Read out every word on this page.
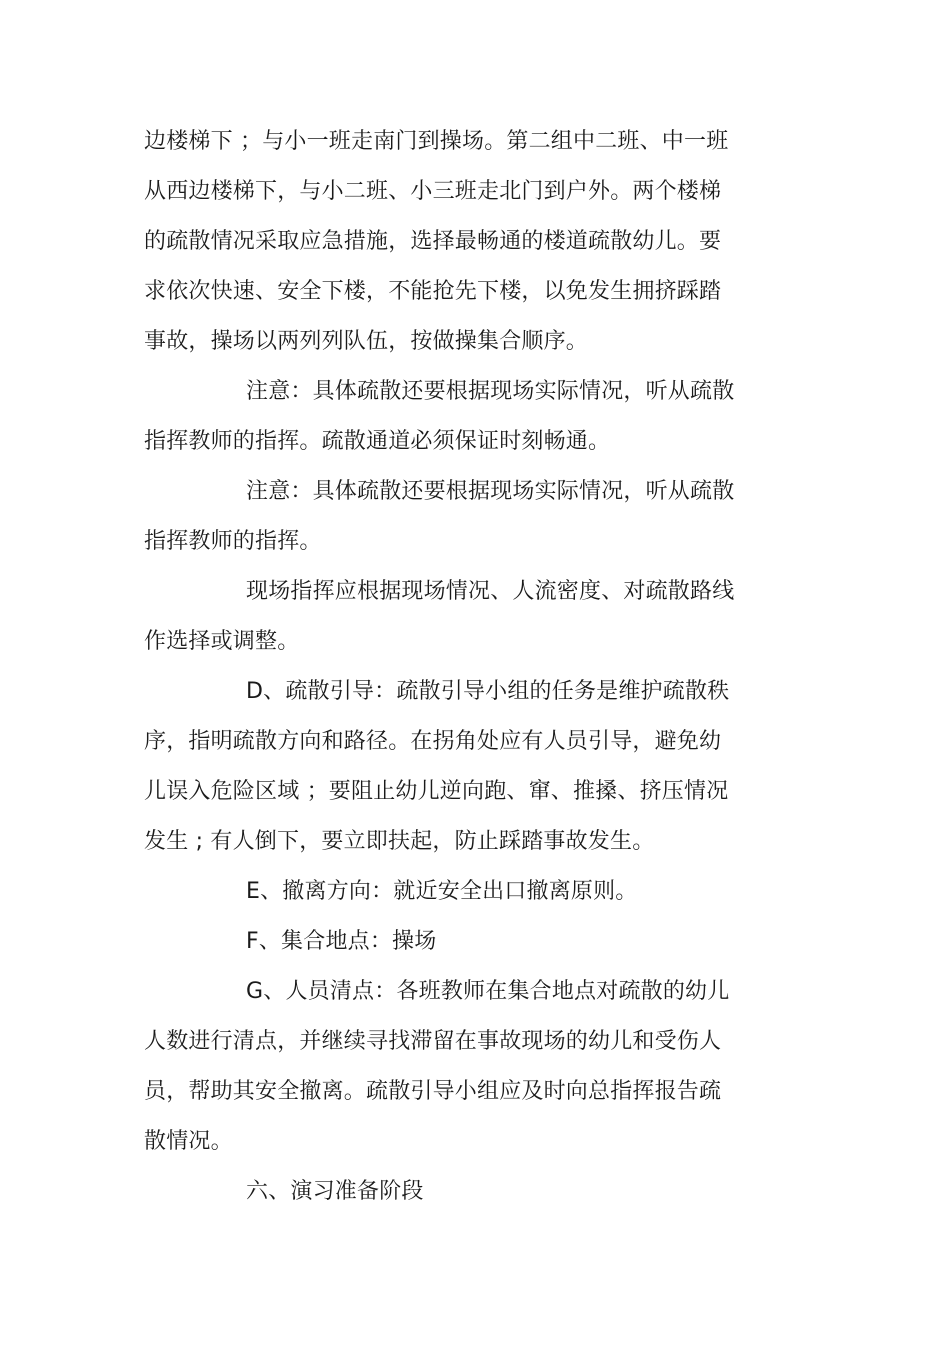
边楼梯下 ；与小一班走南门到操场。第二组中二班、中一班
从西边楼梯下，与小二班、小三班走北门到户外。两个楼梯
的疏散情况采取应急措施，选择最畅通的楼道疏散幼儿。要
求依次快速、安全下楼，不能抢先下楼，以免发生拥挤踩踏
事故，操场以两列列队伍，按做操集合顺序。
注意：具体疏散还要根据现场实际情况，听从疏散
指挥教师的指挥。疏散通道必须保证时刻畅通。
注意：具体疏散还要根据现场实际情况，听从疏散
指挥教师的指挥。
现场指挥应根据现场情况、人流密度、对疏散路线
作选择或调整。
D、疏散引导：疏散引导小组的任务是维护疏散秩
序，指明疏散方向和路径。在拐角处应有人员引导，避免幼
儿误入危险区域 ；要阻止幼儿逆向跑、窜、推搡、挤压情况
发生 ; 有人倒下，要立即扶起，防止踩踏事故发生。
E、撤离方向：就近安全出口撤离原则。
F、集合地点：操场
G、人员清点：各班教师在集合地点对疏散的幼儿
人数进行清点，并继续寻找滞留在事故现场的幼儿和受伤人
员，帮助其安全撤离。疏散引导小组应及时向总指挥报告疏
散情况。
六、演习准备阶段
